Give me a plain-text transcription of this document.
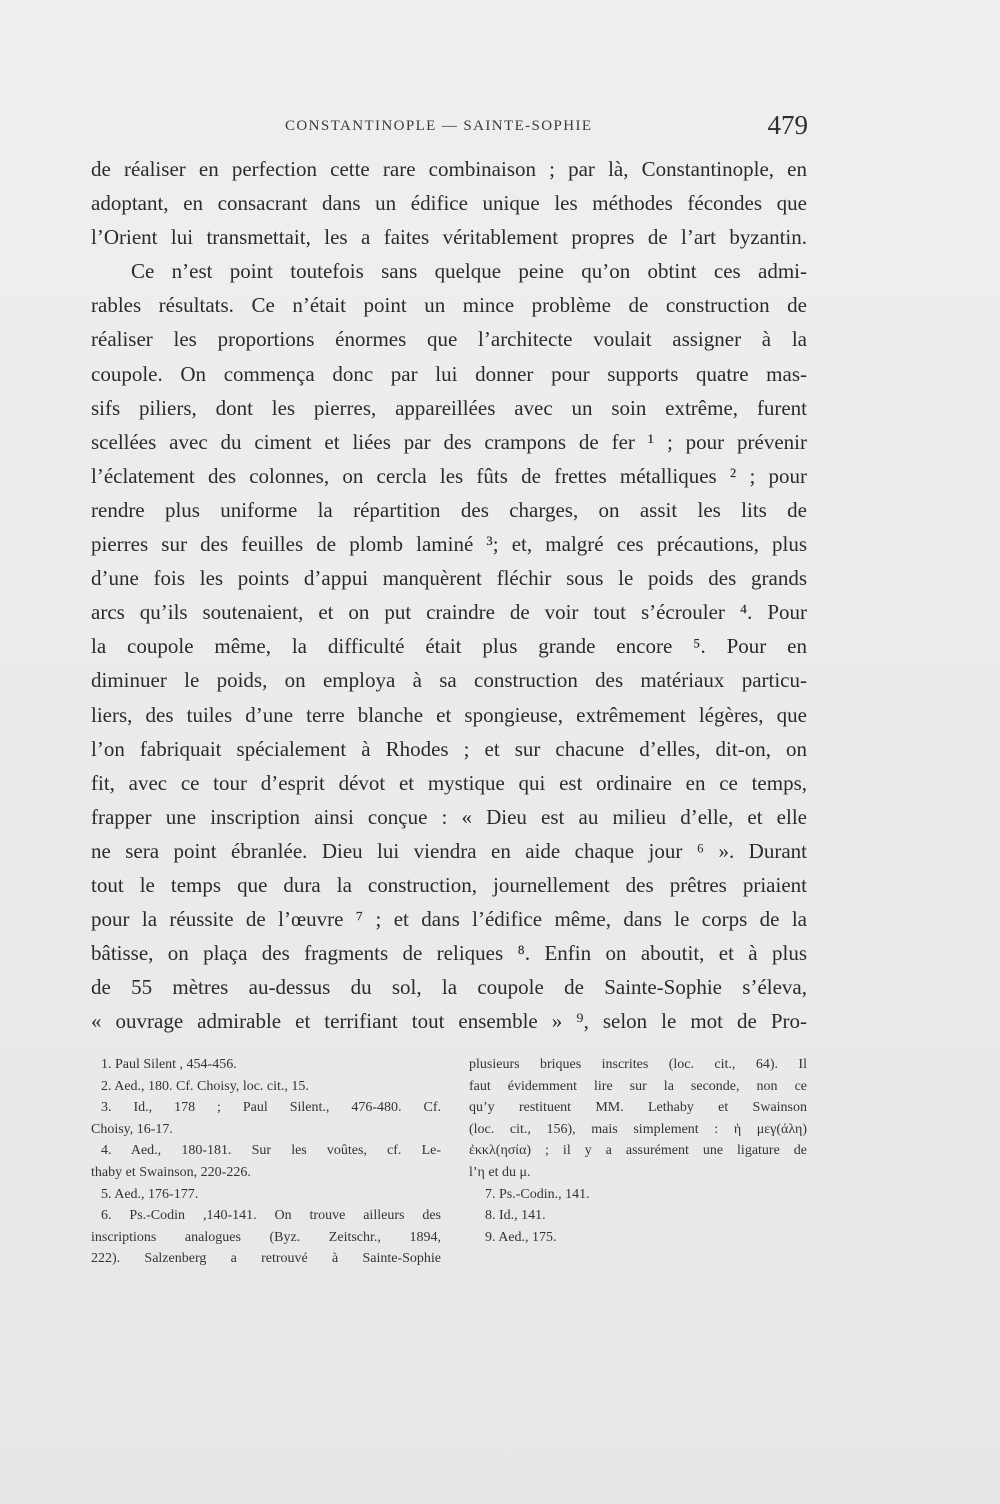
CONSTANTINOPLE — SAINTE-SOPHIE	479
de réaliser en perfection cette rare combinaison ; par là, Constantinople, en
adoptant, en consacrant dans un édifice unique les méthodes fécondes que
l’Orient lui transmettait, les a faites véritablement propres de l’art byzantin.
Ce n’est point toutefois sans quelque peine qu’on obtint ces admi-
rables résultats. Ce n’était point un mince problème de construction de
réaliser les proportions énormes que l’architecte voulait assigner à la
coupole. On commença donc par lui donner pour supports quatre mas-
sifs piliers, dont les pierres, appareillées avec un soin extrême, furent
scellées avec du ciment et liées par des crampons de fer ¹ ; pour prévenir
l’éclatement des colonnes, on cercla les fûts de frettes métalliques ² ; pour
rendre plus uniforme la répartition des charges, on assit les lits de
pierres sur des feuilles de plomb laminé ³; et, malgré ces précautions, plus
d’une fois les points d’appui manquèrent fléchir sous le poids des grands
arcs qu’ils soutenaient, et on put craindre de voir tout s’écrouler ⁴. Pour
la coupole même, la difficulté était plus grande encore ⁵. Pour en
diminuer le poids, on employa à sa construction des matériaux particu-
liers, des tuiles d’une terre blanche et spongieuse, extrêmement légères, que
l’on fabriquait spécialement à Rhodes ; et sur chacune d’elles, dit-on, on
fit, avec ce tour d’esprit dévot et mystique qui est ordinaire en ce temps,
frapper une inscription ainsi conçue : « Dieu est au milieu d’elle, et elle
ne sera point ébranlée. Dieu lui viendra en aide chaque jour ⁶ ». Durant
tout le temps que dura la construction, journellement des prêtres priaient
pour la réussite de l’œuvre ⁷ ; et dans l’édifice même, dans le corps de la
bâtisse, on plaça des fragments de reliques ⁸. Enfin on aboutit, et à plus
de 55 mètres au-dessus du sol, la coupole de Sainte-Sophie s’éleva,
« ouvrage admirable et terrifiant tout ensemble » ⁹, selon le mot de Pro-
1. Paul Silent , 454-456.
2. Aed., 180. Cf. Choisy, loc. cit., 15.
3. Id., 178 ; Paul Silent., 476-480. Cf.
Choisy, 16-17.
4. Aed., 180-181. Sur les voûtes, cf. Le-
thaby et Swainson, 220-226.
5. Aed., 176-177.
6. Ps.-Codin ,140-141. On trouve ailleurs des
inscriptions analogues (Byz. Zeitschr., 1894,
222). Salzenberg a retrouvé à Sainte-Sophie
plusieurs briques inscrites (loc. cit., 64). Il
faut évidemment lire sur la seconde, non ce
qu’y restituent MM. Lethaby et Swainson
(loc. cit., 156), mais simplement : ἡ μεγ(άλη)
ἐκκλ(ησία) ; il y a assurément une ligature de
l’η et du μ.
7. Ps.-Codin., 141.
8. Id., 141.
9. Aed., 175.
